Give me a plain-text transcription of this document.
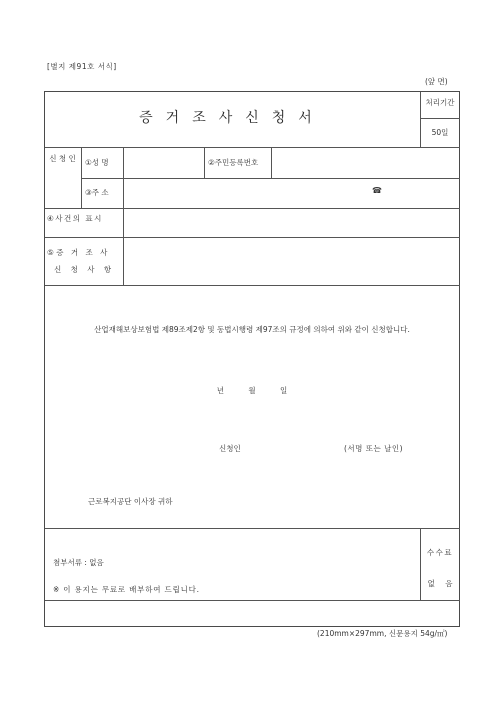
[별지 제91호 서식]
(앞 면)
증거조사신청서
처리기간
50일
신 청 인	①성 명	②주민등록번호
③주 소	☎
④사건의 표시
⑤증 거 조 사
신 청 사 항
산업재해보상보험법 제89조제2항 및 동법시행령 제97조의 규정에 의하여 위와 같이 신청합니다.
년 월 일
신청인	(서명 또는 날인)
근로복지공단 이사장 귀하
첨부서류 : 없음
※ 이 용지는 무료로 배부하여 드립니다.
수수료
없 음
(210mm×297mm, 신문용지 54g/㎡)
